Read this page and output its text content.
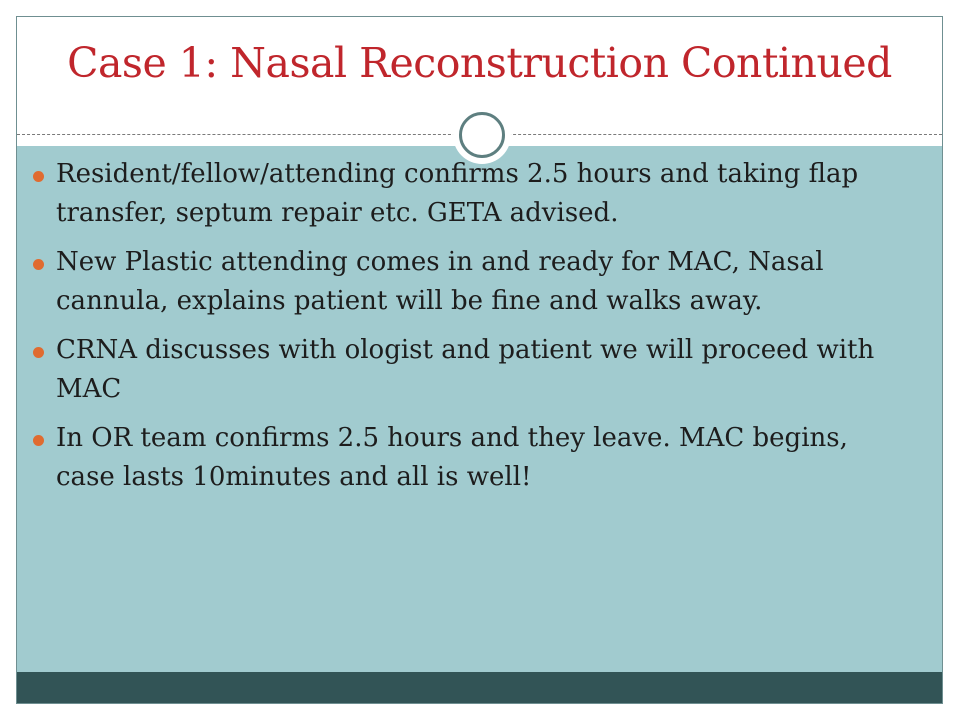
Case 1: Nasal Reconstruction Continued
Resident/fellow/attending confirms 2.5 hours and taking flap transfer, septum repair etc. GETA advised.
New Plastic attending comes in and ready for MAC, Nasal cannula, explains patient will be fine and walks away.
CRNA discusses with ologist and patient we will proceed with MAC
In OR team confirms 2.5 hours and they leave. MAC begins, case lasts 10minutes and all is well!
